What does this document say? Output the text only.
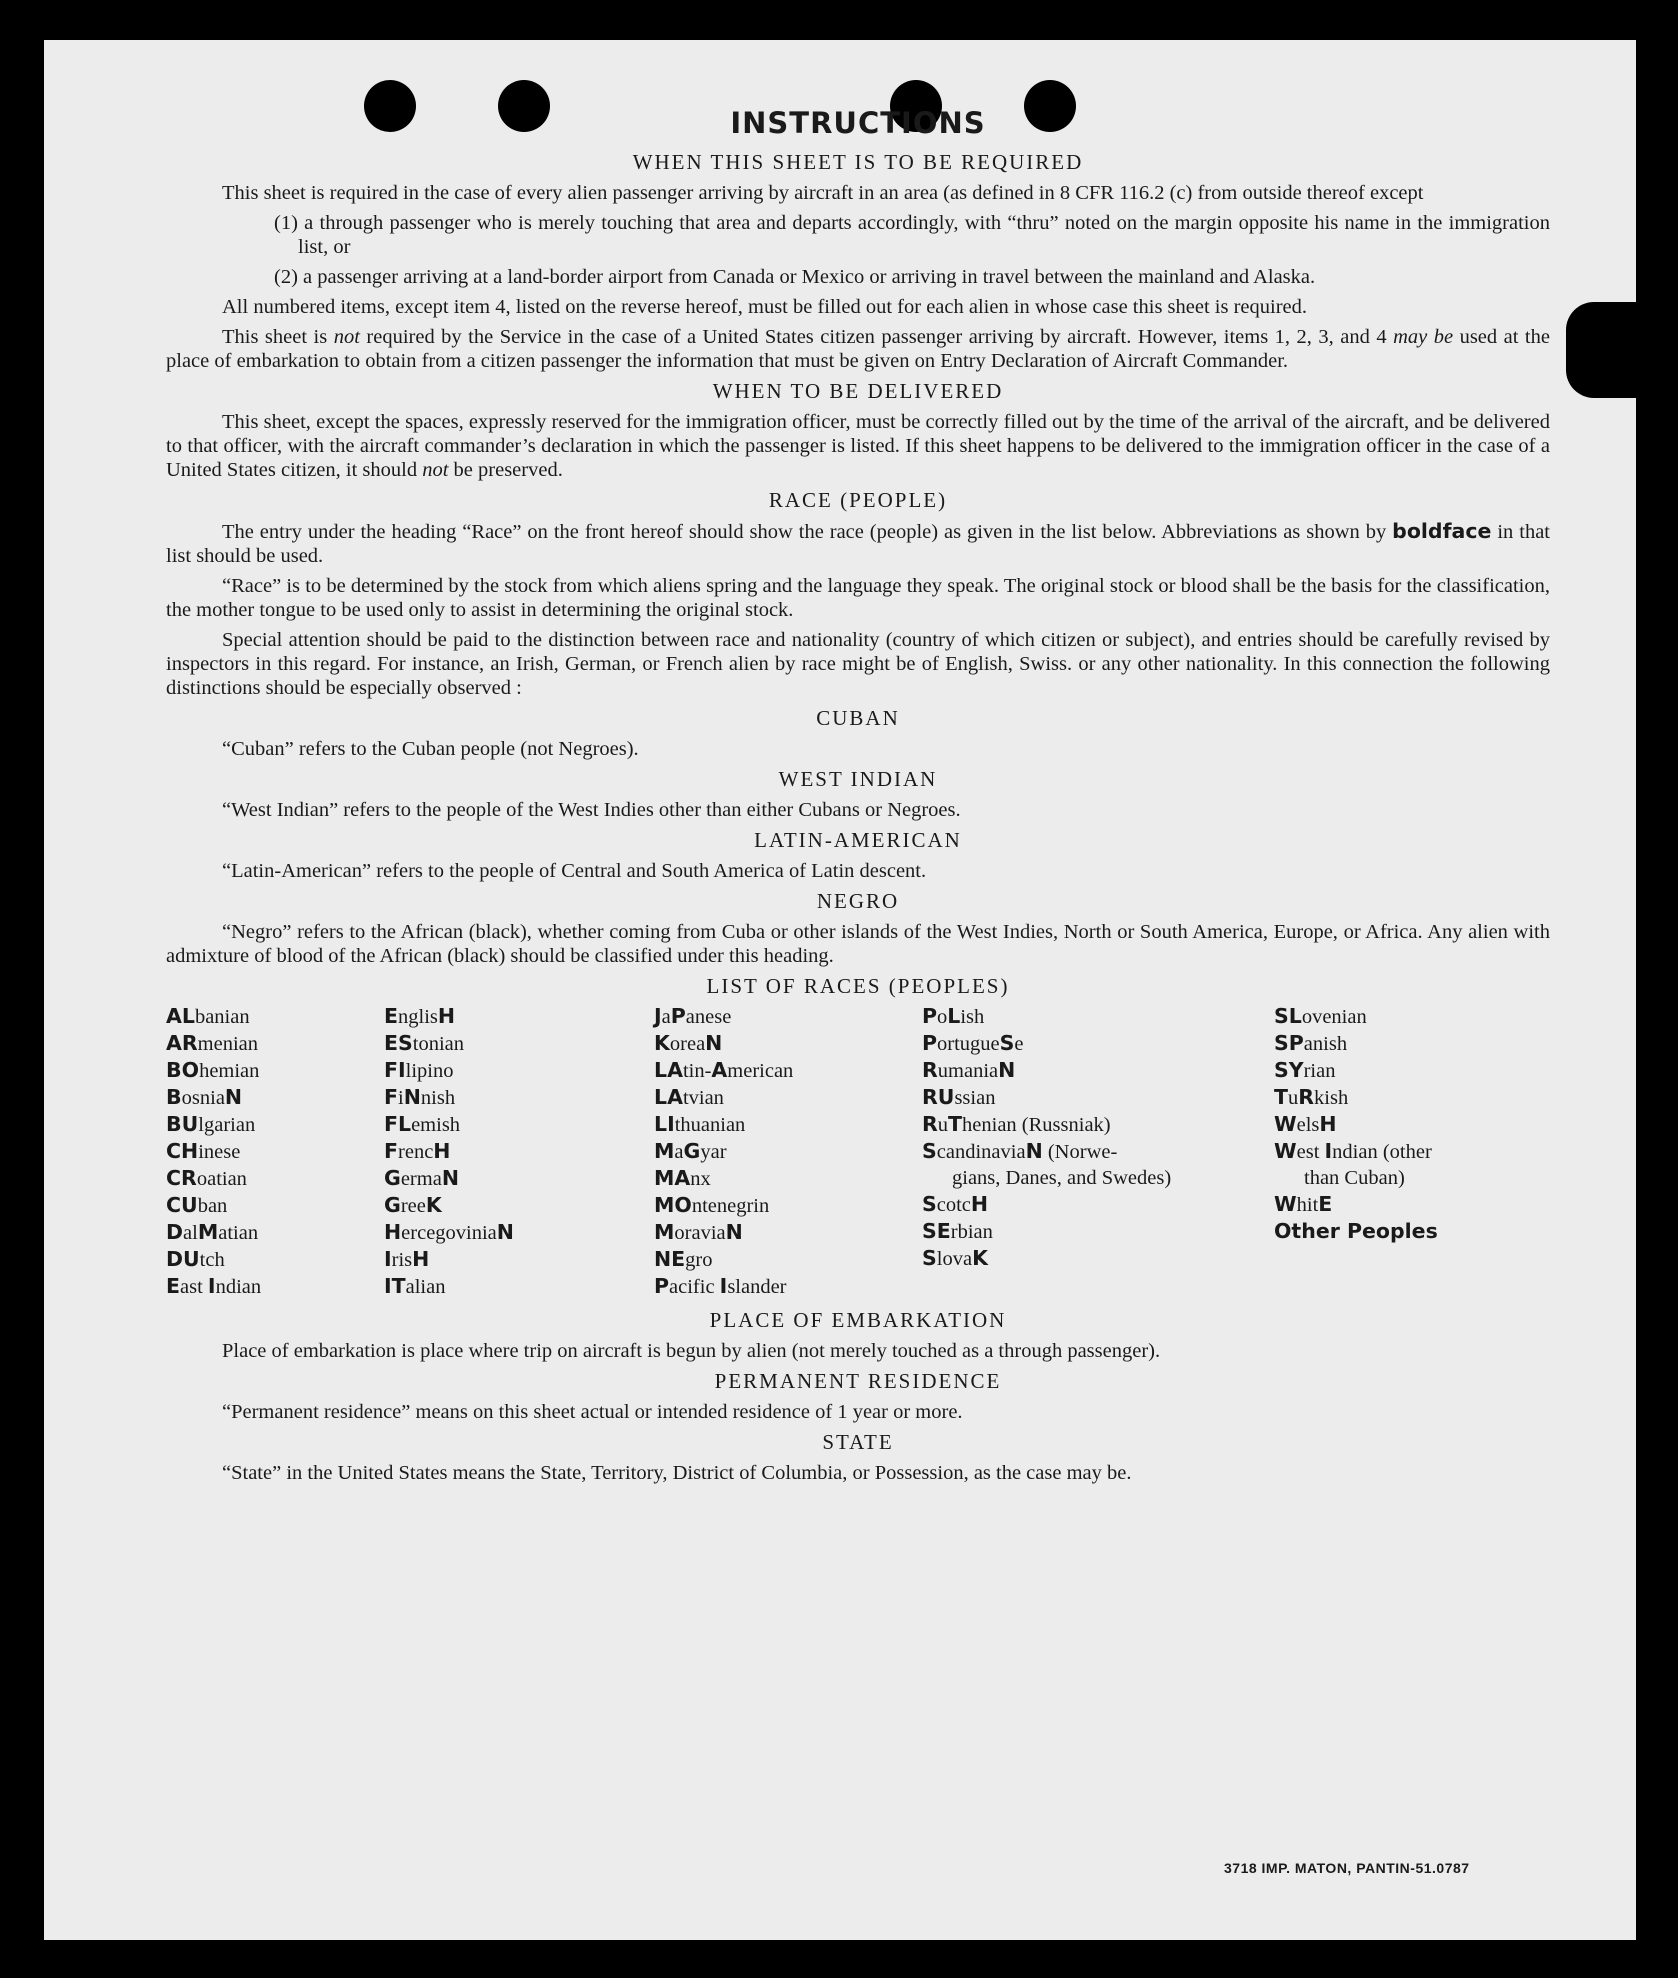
INSTRUCTIONS
WHEN THIS SHEET IS TO BE REQUIRED

This sheet is required in the case of every alien passenger arriving by aircraft in an area (as defined in 8 CFR 116.2 (c) from outside thereof except

(1) a through passenger who is merely touching that area and departs accordingly, with “thru” noted on the margin opposite his name in the immigration list, or

(2) a passenger arriving at a land-border airport from Canada or Mexico or arriving in travel between the mainland and Alaska.

All numbered items, except item 4, listed on the reverse hereof, must be filled out for each alien in whose case this sheet is required.

This sheet is not required by the Service in the case of a United States citizen passenger arriving by aircraft. However, items 1, 2, 3, and 4 may be used at the place of embarkation to obtain from a citizen passenger the information that must be given on Entry Declaration of Aircraft Commander.

WHEN TO BE DELIVERED

This sheet, except the spaces, expressly reserved for the immigration officer, must be correctly filled out by the time of the arrival of the aircraft, and be delivered to that officer, with the aircraft commander’s declaration in which the passenger is listed. If this sheet happens to be delivered to the immigration officer in the case of a United States citizen, it should not be preserved.

RACE (PEOPLE)

The entry under the heading “Race” on the front hereof should show the race (people) as given in the list below. Abbreviations as shown by boldface in that list should be used.

“Race” is to be determined by the stock from which aliens spring and the language they speak. The original stock or blood shall be the basis for the classification, the mother tongue to be used only to assist in determining the original stock.

Special attention should be paid to the distinction between race and nationality (country of which citizen or subject), and entries should be carefully revised by inspectors in this regard. For instance, an Irish, German, or French alien by race might be of English, Swiss. or any other nationality. In this connection the following distinctions should be especially observed :

CUBAN

“Cuban” refers to the Cuban people (not Negroes).

WEST INDIAN

“West Indian” refers to the people of the West Indies other than either Cubans or Negroes.

LATIN-AMERICAN

“Latin-American” refers to the people of Central and South America of Latin descent.

NEGRO

“Negro” refers to the African (black), whether coming from Cuba or other islands of the West Indies, North or South America, Europe, or Africa. Any alien with admixture of blood of the African (black) should be classified under this heading.

LIST OF RACES (PEOPLES)
ALbanian
ARmenian
BOhemian
BosniaN
BUlgarian
CHinese
CRoatian
CUban
DalMatian
DUtch
East Indian
EnglisH
EStonian
FIlipino
FiNnish
FLemish
FrencH
GermaN
GreeK
HercegoviniaN
IrisH
ITalian
JaPanese
KoreaN
LAtin-American
LAtvian
LIthuanian
MaGyar
MAnx
MOntenegrin
MoraviaN
NEgro
Pacific Islander
PoLish
PortugueSe
RumaniaN
RUssian
RuThenian (Russniak)
ScandinaviaN (Norwe-
gians, Danes, and Swedes)
ScotcH
SErbian
SlovaK
SLovenian
SPanish
SYrian
TuRkish
WelsH
West Indian (other
than Cuban)
WhitE
Other Peoples
PLACE OF EMBARKATION

Place of embarkation is place where trip on aircraft is begun by alien (not merely touched as a through passenger).

PERMANENT RESIDENCE

“Permanent residence” means on this sheet actual or intended residence of 1 year or more.

STATE

“State” in the United States means the State, Territory, District of Columbia, or Possession, as the case may be.

3718 IMP. MATON, PANTIN-51.0787
